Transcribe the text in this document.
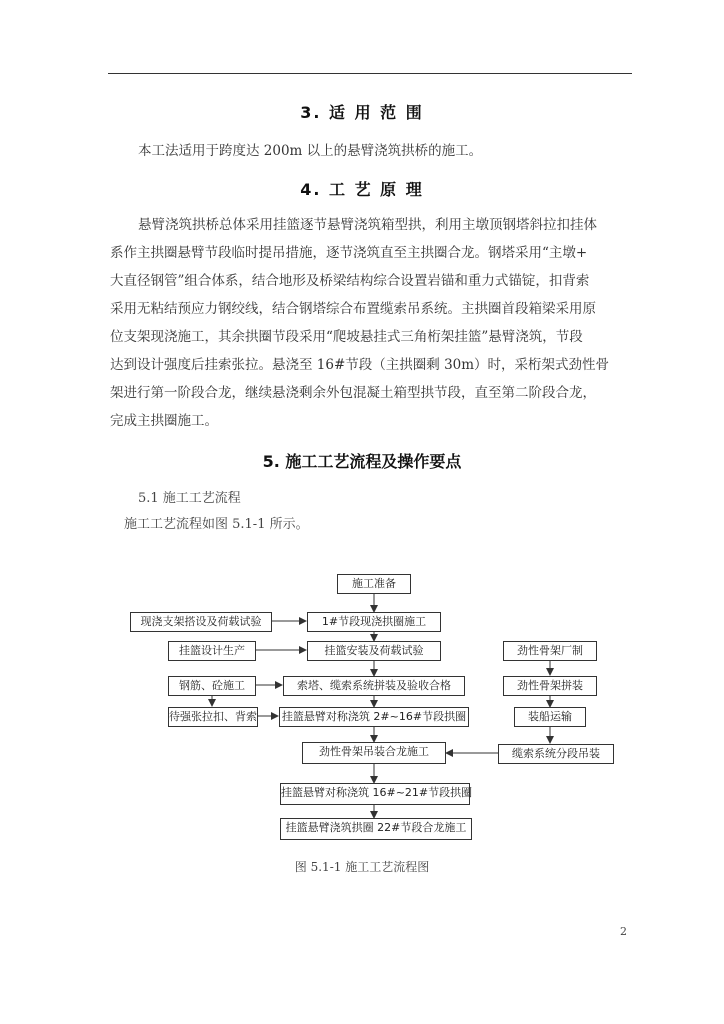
3. 适 用 范 围
本工法适用于跨度达 200m 以上的悬臂浇筑拱桥的施工。
4. 工 艺 原 理
悬臂浇筑拱桥总体采用挂篮逐节悬臂浇筑箱型拱，利用主墩顶钢塔斜拉扣挂体
系作主拱圈悬臂节段临时提吊措施，逐节浇筑直至主拱圈合龙。钢塔采用“主墩+
大直径钢管”组合体系，结合地形及桥梁结构综合设置岩锚和重力式锚锭，扣背索
采用无粘结预应力钢绞线，结合钢塔综合布置缆索吊系统。主拱圈首段箱梁采用原
位支架现浇施工，其余拱圈节段采用“爬坡悬挂式三角桁架挂篮”悬臂浇筑，节段
达到设计强度后挂索张拉。悬浇至 16#节段（主拱圈剩 30m）时，采桁架式劲性骨
架进行第一阶段合龙，继续悬浇剩余外包混凝土箱型拱节段，直至第二阶段合龙，
完成主拱圈施工。
5. 施工工艺流程及操作要点
5.1 施工工艺流程
施工工艺流程如图 5.1-1 所示。
施工准备
1#节段现浇拱圈施工
挂篮安装及荷载试验
索塔、缆索系统拼装及验收合格
挂篮悬臂对称浇筑 2#~16#节段拱圈
劲性骨架吊装合龙施工
挂篮悬臂对称浇筑 16#~21#节段拱圈
挂篮悬臂浇筑拱圈 22#节段合龙施工
现浇支架搭设及荷载试验
挂篮设计生产
钢筋、砼施工
待强张拉扣、背索
劲性骨架厂制
劲性骨架拼装
装船运输
缆索系统分段吊装
图 5.1-1 施工工艺流程图
2
